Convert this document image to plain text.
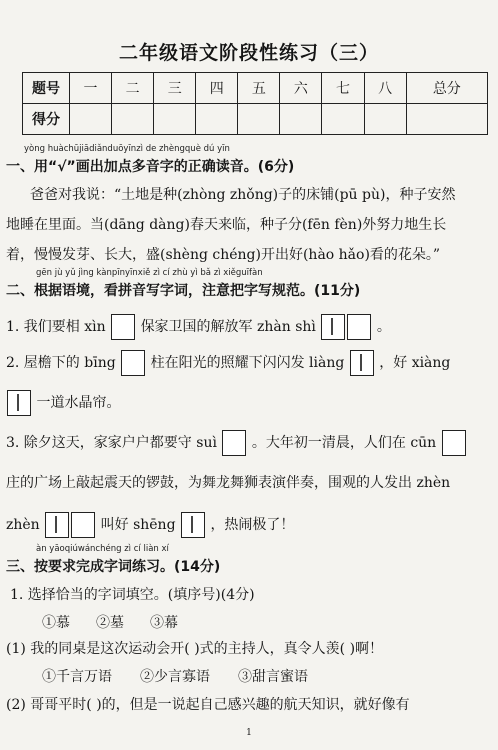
二年级语文阶段性练习（三）
题号	一	二	三	四	五	六	七	八	总分
得分									
yòng huàchūjiādiǎnduōyīnzì de zhèngquè dú yīn
一、用“√”画出加点多音字的正确读音。(6分)
爸爸对我说：“土地是种(zhòng zhǒng)子的床铺(pū pù)，种子安然
地睡在里面。当(dāng dàng)春天来临，种子分(fēn fèn)外努力地生长
着，慢慢发芽、长大，盛(shèng chéng)开出好(hào hǎo)看的花朵。”
gēn jù yǔ jìng kànpīnyīnxiě zì cí zhù yì bǎ zì xiěguīfàn
二、根据语境，看拼音写字词，注意把字写规范。(11分)
1. 我们要相 xìn 保家卫国的解放军 zhàn shì	。
2. 屋檐下的 bīng 柱在阳光的照耀下闪闪发 liàng ，好 xiàng
一道水晶帘。
3. 除夕这天，家家户户都要守 suì 。大年初一清晨，人们在 cūn
庄的广场上敲起震天的锣鼓，为舞龙舞狮表演伴奏，围观的人发出 zhèn
zhèn	叫好 shēng ，热闹极了！
àn yāoqiúwánchéng zì cí liàn xí
三、按要求完成字词练习。(14分)
1. 选择恰当的字词填空。(填序号)(4分)
①慕 ②墓 ③幕
(1) 我的同桌是这次运动会开( )式的主持人，真令人羡( )啊！
①千言万语 ②少言寡语 ③甜言蜜语
(2) 哥哥平时( )的，但是一说起自己感兴趣的航天知识，就好像有
1
